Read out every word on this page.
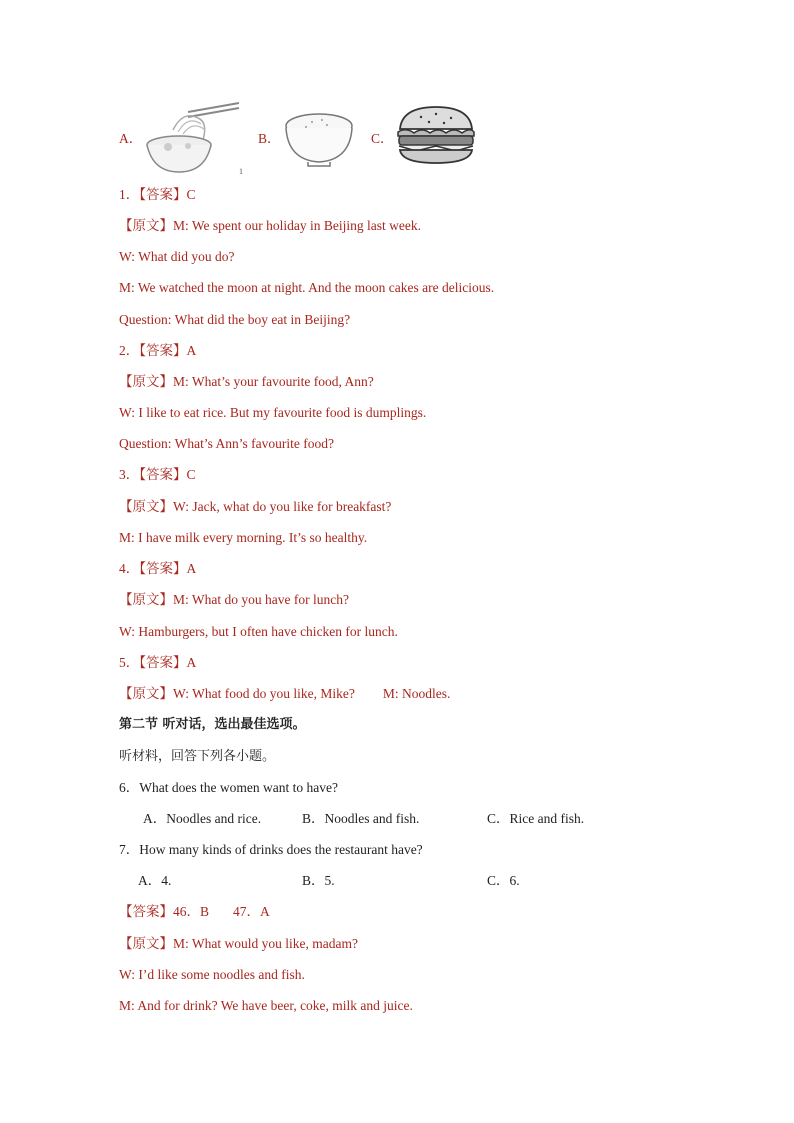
A．
1
B．	C．
1．【答案】C
【原文】M: We spent our holiday in Beijing last week.
W: What did you do?
M: We watched the moon at night. And the moon cakes are delicious.
Question: What did the boy eat in Beijing?
2．【答案】A
【原文】M: What’s your favourite food, Ann?
W: I like to eat rice. But my favourite food is dumplings.
Question: What’s Ann’s favourite food?
3．【答案】C
【原文】W: Jack, what do you like for breakfast?
M: I have milk every morning. It’s so healthy.
4．【答案】A
【原文】M: What do you have for lunch?
W: Hamburgers, but I often have chicken for lunch.
5．【答案】A
【原文】W: What food do you like, Mike? M: Noodles.
第二节 听对话，选出最佳选项。
听材料，回答下列各小题。
6．What does the women want to have?
A．Noodles and rice.	B．Noodles and fish.	C．Rice and fish.
7．How many kinds of drinks does the restaurant have?
A．4.	B．5.	C．6.
【答案】46．B 47．A
【原文】M: What would you like, madam?
W: I’d like some noodles and fish.
M: And for drink? We have beer, coke, milk and juice.
